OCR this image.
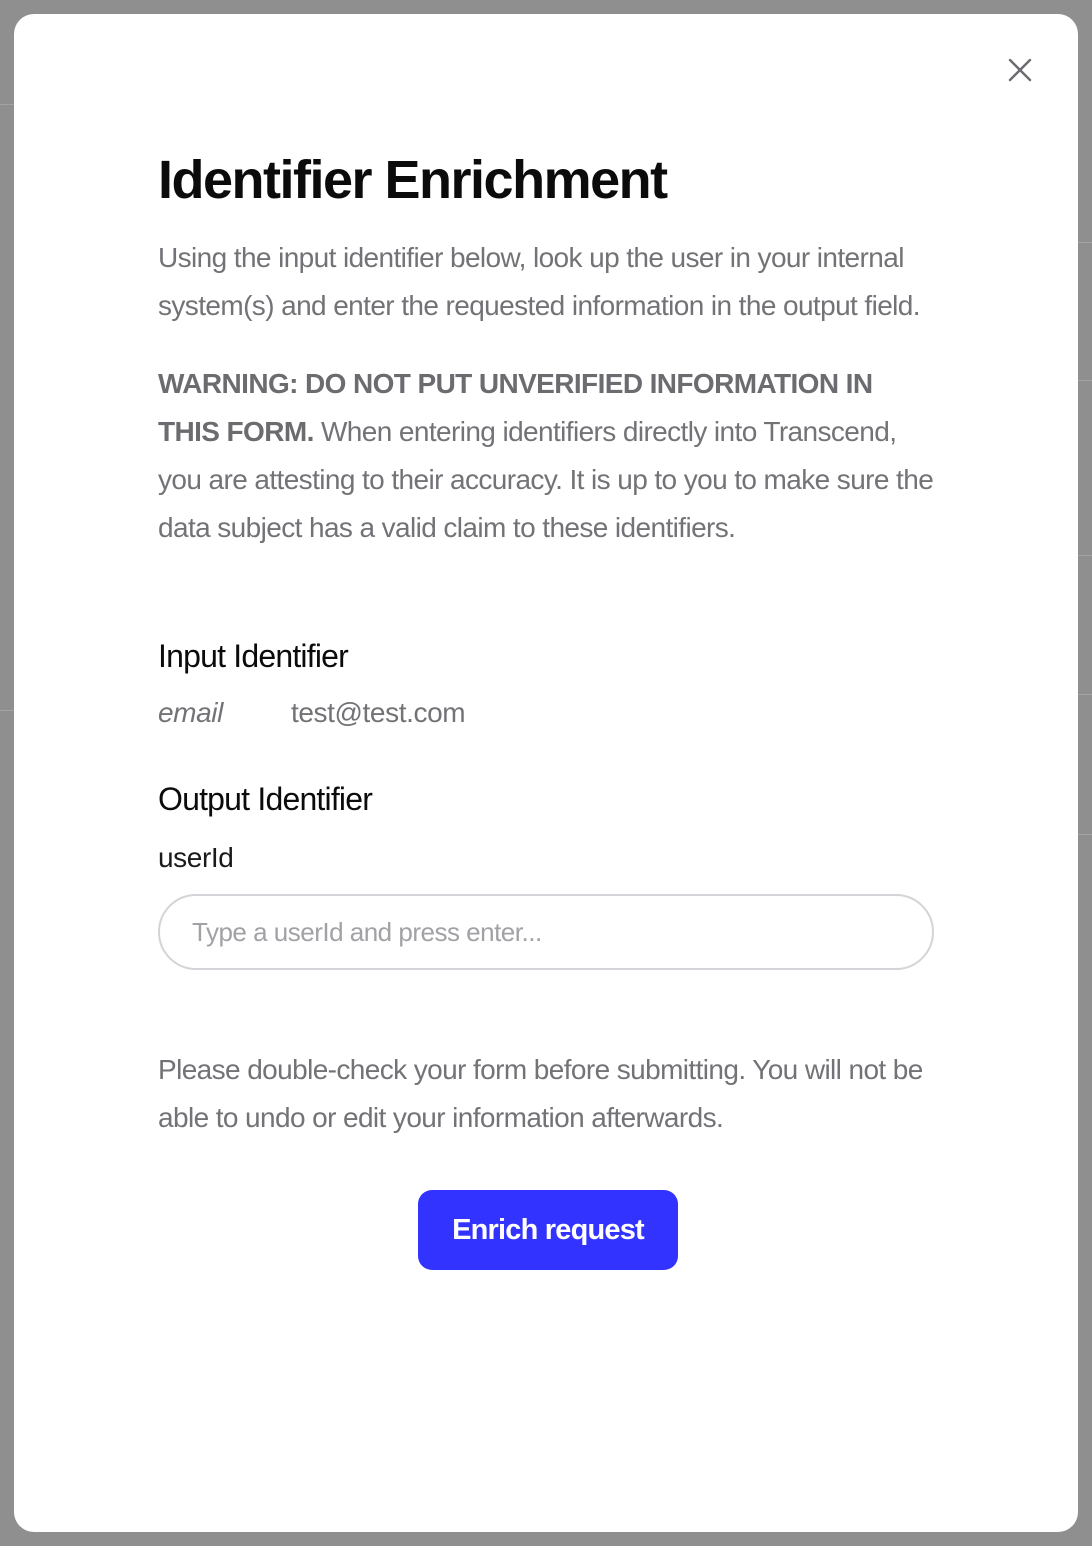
Identifier Enrichment

Using the input identifier below, look up the user in your internal system(s) and enter the requested information in the output field.

WARNING: DO NOT PUT UNVERIFIED INFORMATION IN THIS FORM. When entering identifiers directly into Transcend, you are attesting to their accuracy. It is up to you to make sure the data subject has a valid claim to these identifiers.

Input Identifier
email	test@test.com
Output Identifier
userId
Type a userId and press enter...

Please double-check your form before submitting. You will not be able to undo or edit your information afterwards.

Enrich request
